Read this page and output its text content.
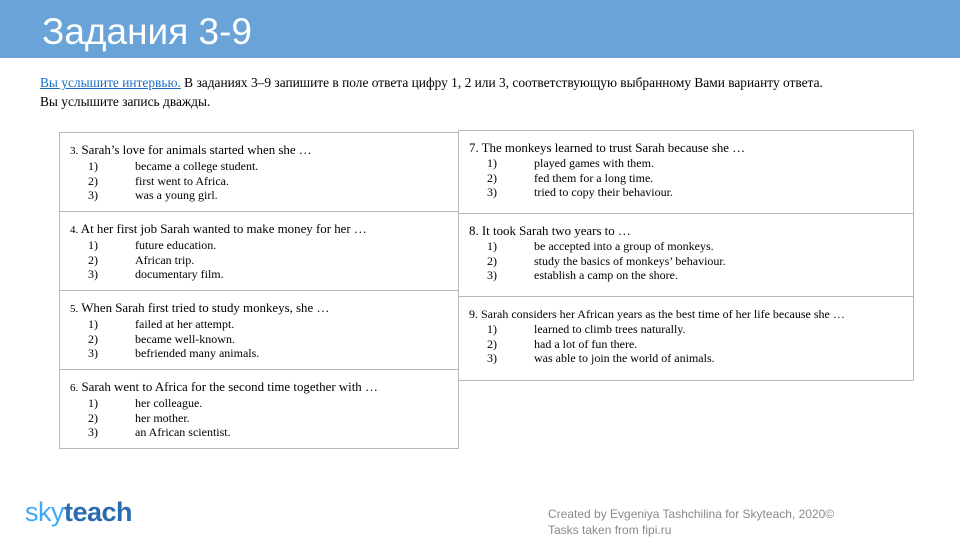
Задания 3-9
Вы услышите интервью. В заданиях 3–9 запишите в поле ответа цифру 1, 2 или 3, соответствующую выбранному Вами варианту ответа.
Вы услышите запись дважды.

3. Sarah’s love for animals started when she …

1)	became a college student.
2)	first went to Africa.
3)	was a young girl.

4. At her first job Sarah wanted to make money for her …

1)	future education.
2)	African trip.
3)	documentary film.

5. When Sarah first tried to study monkeys, she …

1)	failed at her attempt.
2)	became well-known.
3)	befriended many animals.

6. Sarah went to Africa for the second time together with …

1)	her colleague.
2)	her mother.
3)	an African scientist.

7. The monkeys learned to trust Sarah because she …

1)	played games with them.
2)	fed them for a long time.
3)	tried to copy their behaviour.

8. It took Sarah two years to …

1)	be accepted into a group of monkeys.
2)	study the basics of monkeys’ behaviour.
3)	establish a camp on the shore.

9. Sarah considers her African years as the best time of her life because she …

1)	learned to climb trees naturally.
2)	had a lot of fun there.
3)	was able to join the world of animals.
skyteach	Created by Evgeniya Tashchilina for Skyteach, 2020©
Tasks taken from fipi.ru
